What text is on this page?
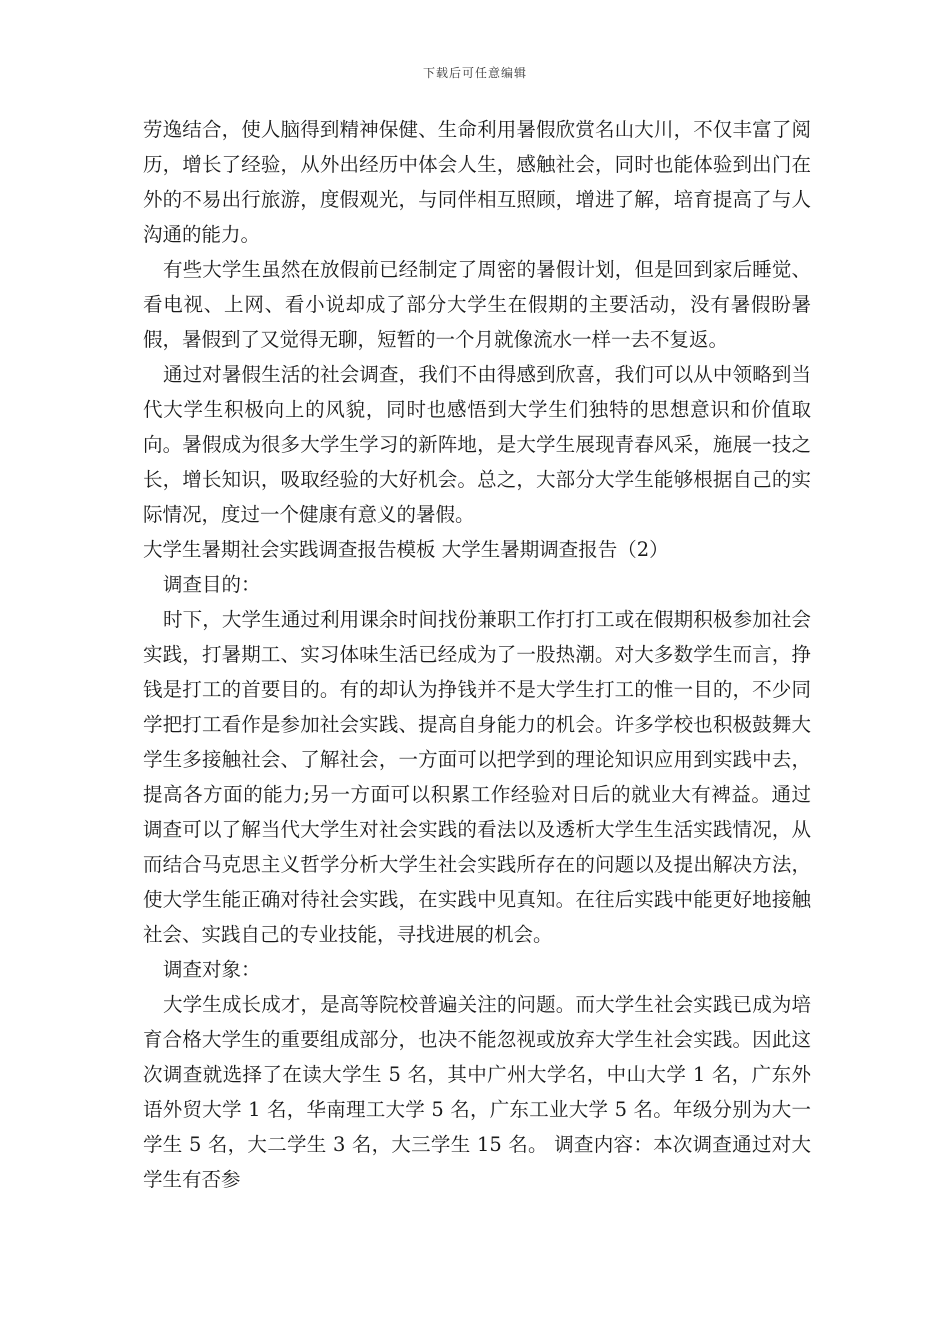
下载后可任意编辑

劳逸结合，使人脑得到精神保健、生命利用暑假欣赏名山大川，不仅丰富了阅历，增长了经验，从外出经历中体会人生，感触社会，同时也能体验到出门在外的不易出行旅游，度假观光，与同伴相互照顾，增进了解，培育提高了与人沟通的能力。

有些大学生虽然在放假前已经制定了周密的暑假计划，但是回到家后睡觉、看电视、上网、看小说却成了部分大学生在假期的主要活动，没有暑假盼暑假，暑假到了又觉得无聊，短暂的一个月就像流水一样一去不复返。

通过对暑假生活的社会调查，我们不由得感到欣喜，我们可以从中领略到当代大学生积极向上的风貌，同时也感悟到大学生们独特的思想意识和价值取向。暑假成为很多大学生学习的新阵地，是大学生展现青春风采，施展一技之长，增长知识，吸取经验的大好机会。总之，大部分大学生能够根据自己的实际情况，度过一个健康有意义的暑假。

大学生暑期社会实践调查报告模板 大学生暑期调查报告（2）

调查目的：

时下，大学生通过利用课余时间找份兼职工作打打工或在假期积极参加社会实践，打暑期工、实习体味生活已经成为了一股热潮。对大多数学生而言，挣钱是打工的首要目的。有的却认为挣钱并不是大学生打工的惟一目的，不少同学把打工看作是参加社会实践、提高自身能力的机会。许多学校也积极鼓舞大学生多接触社会、了解社会，一方面可以把学到的理论知识应用到实践中去，提高各方面的能力;另一方面可以积累工作经验对日后的就业大有裨益。通过调查可以了解当代大学生对社会实践的看法以及透析大学生生活实践情况，从而结合马克思主义哲学分析大学生社会实践所存在的问题以及提出解决方法，使大学生能正确对待社会实践，在实践中见真知。在往后实践中能更好地接触社会、实践自己的专业技能，寻找进展的机会。

调查对象：

大学生成长成才，是高等院校普遍关注的问题。而大学生社会实践已成为培育合格大学生的重要组成部分，也决不能忽视或放弃大学生社会实践。因此这次调查就选择了在读大学生 5 名，其中广州大学名，中山大学 1 名，广东外语外贸大学 1 名，华南理工大学 5 名，广东工业大学 5 名。年级分别为大一学生 5 名，大二学生 3 名，大三学生 15 名。 调查内容：本次调查通过对大学生有否参
